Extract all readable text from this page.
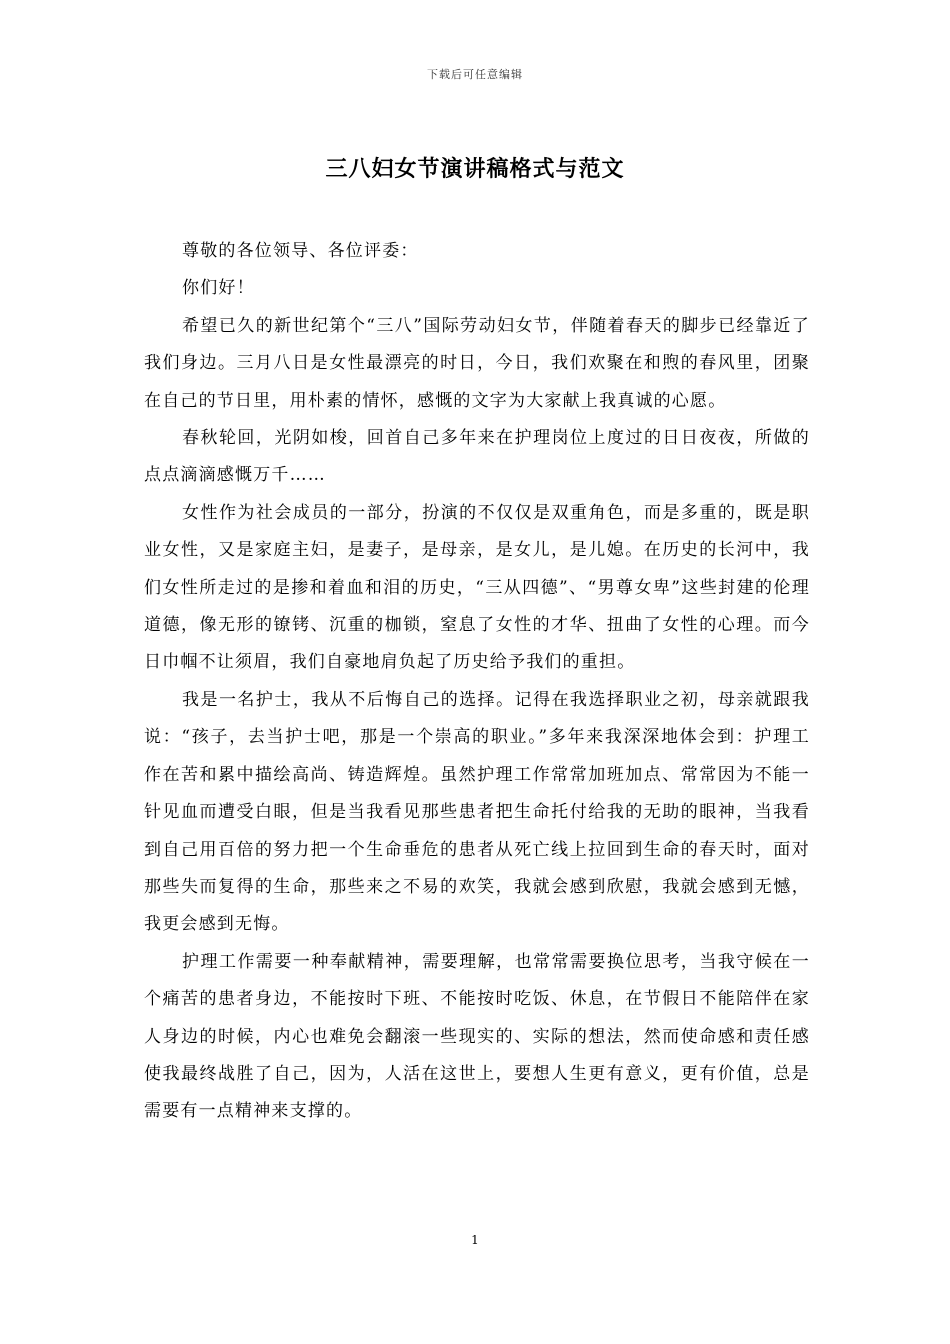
下载后可任意编辑
三八妇女节演讲稿格式与范文

尊敬的各位领导、各位评委：

你们好！

希望已久的新世纪第个“三八”国际劳动妇女节，伴随着春天的脚步已经靠近了我们身边。三月八日是女性最漂亮的时日，今日，我们欢聚在和煦的春风里，团聚在自己的节日里，用朴素的情怀，感慨的文字为大家献上我真诚的心愿。

春秋轮回，光阴如梭，回首自己多年来在护理岗位上度过的日日夜夜，所做的点点滴滴感慨万千……

女性作为社会成员的一部分，扮演的不仅仅是双重角色，而是多重的，既是职业女性，又是家庭主妇，是妻子，是母亲，是女儿，是儿媳。在历史的长河中，我们女性所走过的是掺和着血和泪的历史，“三从四德”、“男尊女卑”这些封建的伦理道德，像无形的镣铐、沉重的枷锁，窒息了女性的才华、扭曲了女性的心理。而今日巾帼不让须眉，我们自豪地肩负起了历史给予我们的重担。

我是一名护士，我从不后悔自己的选择。记得在我选择职业之初，母亲就跟我说：“孩子，去当护士吧，那是一个崇高的职业。”多年来我深深地体会到：护理工作在苦和累中描绘高尚、铸造辉煌。虽然护理工作常常加班加点、常常因为不能一针见血而遭受白眼，但是当我看见那些患者把生命托付给我的无助的眼神，当我看到自己用百倍的努力把一个生命垂危的患者从死亡线上拉回到生命的春天时，面对那些失而复得的生命，那些来之不易的欢笑，我就会感到欣慰，我就会感到无憾，我更会感到无悔。

护理工作需要一种奉献精神，需要理解，也常常需要换位思考，当我守候在一个痛苦的患者身边，不能按时下班、不能按时吃饭、休息，在节假日不能陪伴在家人身边的时候，内心也难免会翻滚一些现实的、实际的想法，然而使命感和责任感使我最终战胜了自己，因为，人活在这世上，要想人生更有意义，更有价值，总是需要有一点精神来支撑的。

1
